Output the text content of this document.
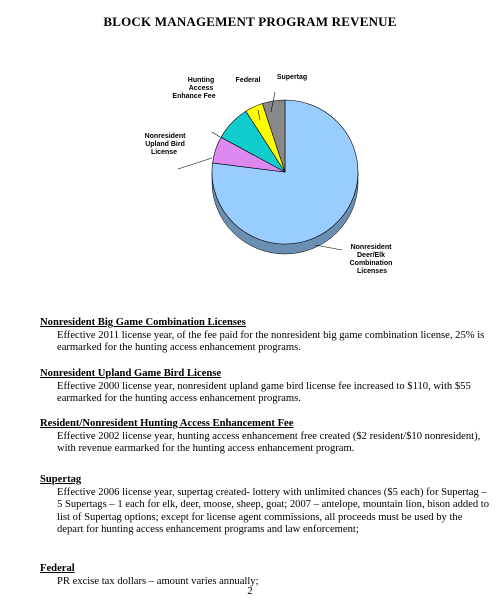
BLOCK MANAGEMENT PROGRAM REVENUE
Hunting Access Enhance Fee
Federal Supertag
Nonresident Upland Bird License
Nonresident Deer/Elk Combination Licenses
Nonresident Big Game Combination Licenses
Effective 2011 license year, of the fee paid for the nonresident big game combination license, 25% is earmarked for the hunting access enhancement programs.
Nonresident Upland Game Bird License
Effective 2000 license year, nonresident upland game bird license fee increased to $110, with $55 earmarked for the hunting access enhancement programs.
Resident/Nonresident Hunting Access Enhancement Fee
Effective 2002 license year, hunting access enhancement free created ($2 resident/$10 nonresident), with revenue earmarked for the hunting access enhancement program.
Supertag
Effective 2006 license year, supertag created- lottery with unlimited chances ($5 each) for Supertag – 5 Supertags – 1 each for elk, deer, moose, sheep, goat; 2007 – antelope, mountain lion, bison added to list of Supertag options; except for license agent commissions, all proceeds must be used by the depart for hunting access enhancement programs and law enforcement;
Federal
PR excise tax dollars – amount varies annually;
2
